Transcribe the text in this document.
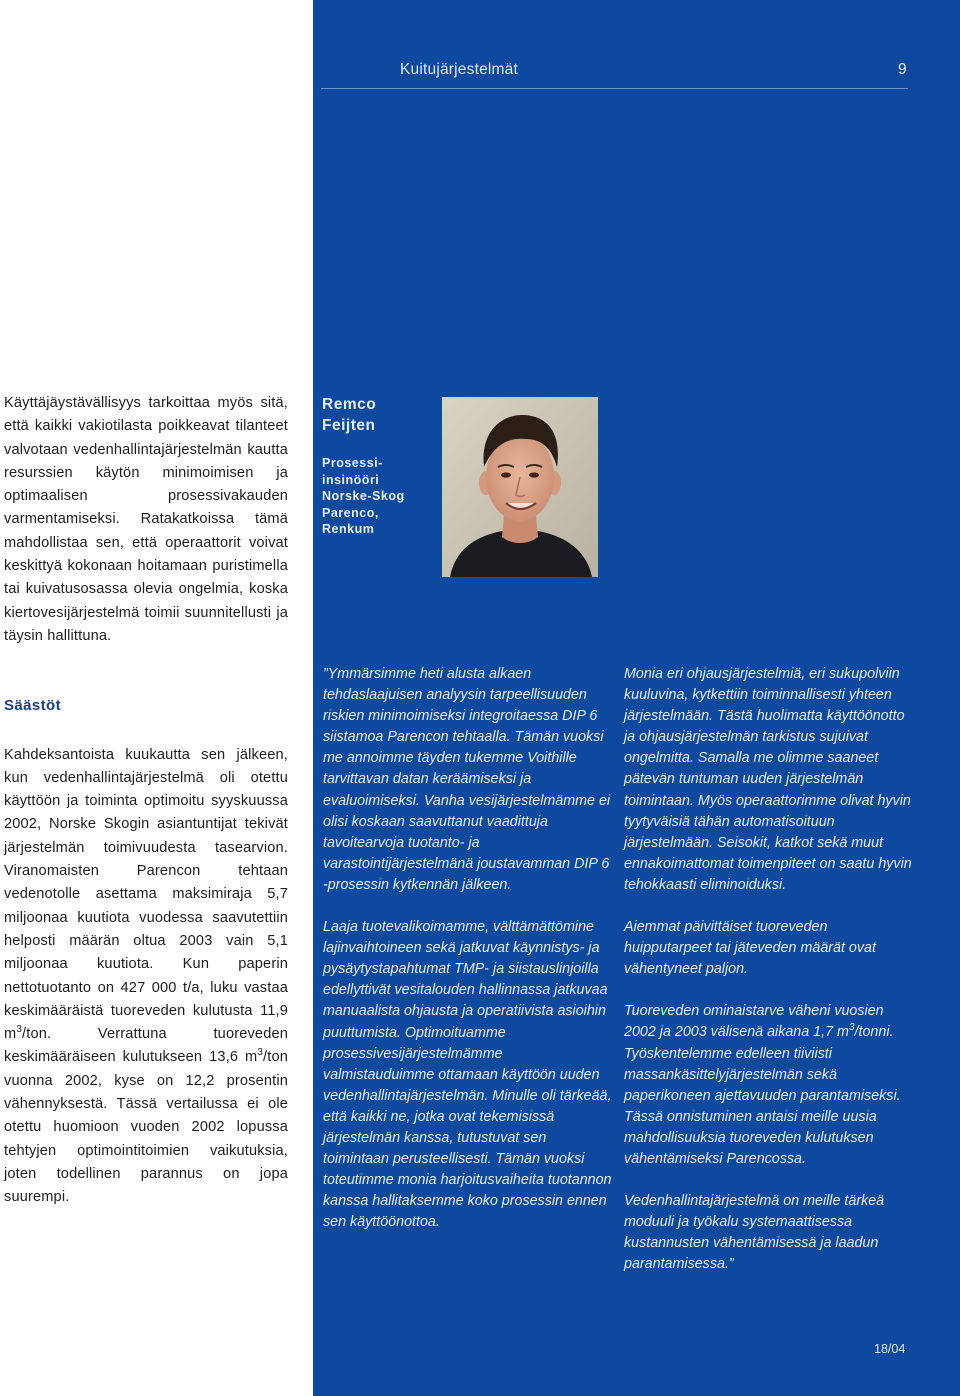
Käyttäjäystävällisyys tarkoittaa myös sitä, että kaikki vakiotilasta poikkeavat tilanteet valvotaan vedenhallintajärjestelmän kautta resurssien käytön minimoimisen ja optimaalisen prosessivakauden varmentamiseksi. Ratakatkoissa tämä mahdollistaa sen, että operaattorit voivat keskittyä kokonaan hoitamaan puristimella tai kuivatusosassa olevia ongelmia, koska kiertovesijärjestelmä toimii suunnitellusti ja täysin hallittuna.

Säästöt

Kahdeksantoista kuukautta sen jälkeen, kun vedenhallintajärjestelmä oli otettu käyttöön ja toiminta optimoitu syyskuussa 2002, Norske Skogin asiantuntijat tekivät järjestelmän toimivuudesta tasearvion. Viranomaisten Parencon tehtaan vedenotolle asettama maksimiraja 5,7 miljoonaa kuutiota vuodessa saavutettiin helposti määrän oltua 2003 vain 5,1 miljoonaa kuutiota. Kun paperin nettotuotanto on 427 000 t/a, luku vastaa keskimääräistä tuoreveden kulutusta 11,9 $m^3$/ton. Verrattuna tuoreveden keskimääräiseen kulutukseen 13,6 $m^3$/ton vuonna 2002, kyse on 12,2 prosentin vähennyksestä. Tässä vertailussa ei ole otettu huomioon vuoden 2002 lopussa tehtyjen optimointitoimien vaikutuksia, joten todellinen parannus on jopa suurempi.

Kuitujärjestelmät	9
Remco
Feijten
Prosessi-
insinööri
Norske-Skog
Parenco,
Renkum

”Ymmärsimme heti alusta alkaen tehdaslaajuisen analyysin tarpeellisuuden riskien minimoimiseksi integroitaessa DIP 6 siistamoa Parencon tehtaalla. Tämän vuoksi me annoimme täyden tukemme Voithille tarvittavan datan keräämiseksi ja evaluoimiseksi. Vanha vesijärjestelmämme ei olisi koskaan saavuttanut vaadittuja tavoitearvoja tuotanto- ja varastointijärjestelmänä joustavamman DIP 6 -prosessin kytkennän jälkeen.

Laaja tuotevalikoimamme, välttämättömine lajinvaihtoineen sekä jatkuvat käynnistys- ja pysäytystapahtumat TMP- ja siistauslinjoilla edellyttivät vesitalouden hallinnassa jatkuvaa manuaalista ohjausta ja operatiivista asioihin puuttumista. Optimoituamme prosessivesijärjestelmämme valmistauduimme ottamaan käyttöön uuden vedenhallintajärjestelmän. Minulle oli tärkeää, että kaikki ne, jotka ovat tekemisissä järjestelmän kanssa, tutustuvat sen toimintaan perusteellisesti. Tämän vuoksi toteutimme monia harjoitusvaiheita tuotannon kanssa hallitaksemme koko prosessin ennen sen käyttöönottoa.

Monia eri ohjausjärjestelmiä, eri sukupolviin kuuluvina, kytkettiin toiminnallisesti yhteen järjestelmään. Tästä huolimatta käyttöönotto ja ohjausjärjestelmän tarkistus sujuivat ongelmitta. Samalla me olimme saaneet pätevän tuntuman uuden järjestelmän toimintaan. Myös operaattorimme olivat hyvin tyytyväisiä tähän automatisoituun järjestelmään. Seisokit, katkot sekä muut ennakoimattomat toimenpiteet on saatu hyvin tehokkaasti eliminoiduksi.

Aiemmat päivittäiset tuoreveden huipputarpeet tai jäteveden määrät ovat vähentyneet paljon.

Tuoreveden ominaistarve väheni vuosien 2002 ja 2003 välisenä aikana 1,7 $m^3$/tonni. Työskentelemme edelleen tiiviisti massankäsittelyjärjestelmän sekä paperikoneen ajettavuuden parantamiseksi. Tässä onnistuminen antaisi meille uusia mahdollisuuksia tuoreveden kulutuksen vähentämiseksi Parencossa.

Vedenhallintajärjestelmä on meille tärkeä moduuli ja työkalu systemaattisessa kustannusten vähentämisessä ja laadun parantamisessa.”

18/04
